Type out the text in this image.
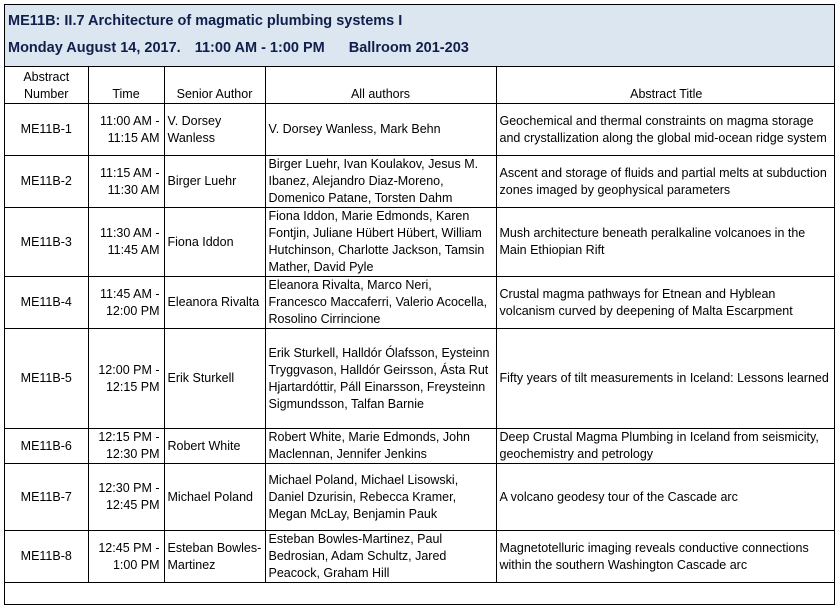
ME11B: II.7 Architecture of magmatic plumbing systems I
Monday August 14, 2017. 11:00 AM - 1:00 PM Ballroom 201-203
Abstract Number	Time	Senior Author	All authors	Abstract Title
ME11B-1	11:00 AM - 11:15 AM	V. Dorsey Wanless	V. Dorsey Wanless, Mark Behn	Geochemical and thermal constraints on magma storage and crystallization along the global mid-ocean ridge system
ME11B-2	11:15 AM - 11:30 AM	Birger Luehr	Birger Luehr, Ivan Koulakov, Jesus M. Ibanez, Alejandro Diaz-Moreno, Domenico Patane, Torsten Dahm	Ascent and storage of fluids and partial melts at subduction zones imaged by geophysical parameters
ME11B-3	11:30 AM - 11:45 AM	Fiona Iddon	Fiona Iddon, Marie Edmonds, Karen Fontjin, Juliane Hübert Hübert, William Hutchinson, Charlotte Jackson, Tamsin Mather, David Pyle	Mush architecture beneath peralkaline volcanoes in the Main Ethiopian Rift
ME11B-4	11:45 AM - 12:00 PM	Eleanora Rivalta	Eleanora Rivalta, Marco Neri, Francesco Maccaferri, Valerio Acocella, Rosolino Cirrincione	Crustal magma pathways for Etnean and Hyblean volcanism curved by deepening of Malta Escarpment
ME11B-5	12:00 PM - 12:15 PM	Erik Sturkell	Erik Sturkell, Halldór Ólafsson, Eysteinn Tryggvason, Halldór Geirsson, Ásta Rut Hjartardóttir, Páll Einarsson, Freysteinn Sigmundsson, Talfan Barnie	Fifty years of tilt measurements in Iceland: Lessons learned
ME11B-6	12:15 PM - 12:30 PM	Robert White	Robert White, Marie Edmonds, John Maclennan, Jennifer Jenkins	Deep Crustal Magma Plumbing in Iceland from seismicity, geochemistry and petrology
ME11B-7	12:30 PM - 12:45 PM	Michael Poland	Michael Poland, Michael Lisowski, Daniel Dzurisin, Rebecca Kramer, Megan McLay, Benjamin Pauk	A volcano geodesy tour of the Cascade arc
ME11B-8	12:45 PM - 1:00 PM	Esteban Bowles-Martinez	Esteban Bowles-Martinez, Paul Bedrosian, Adam Schultz, Jared Peacock, Graham Hill	Magnetotelluric imaging reveals conductive connections within the southern Washington Cascade arc
